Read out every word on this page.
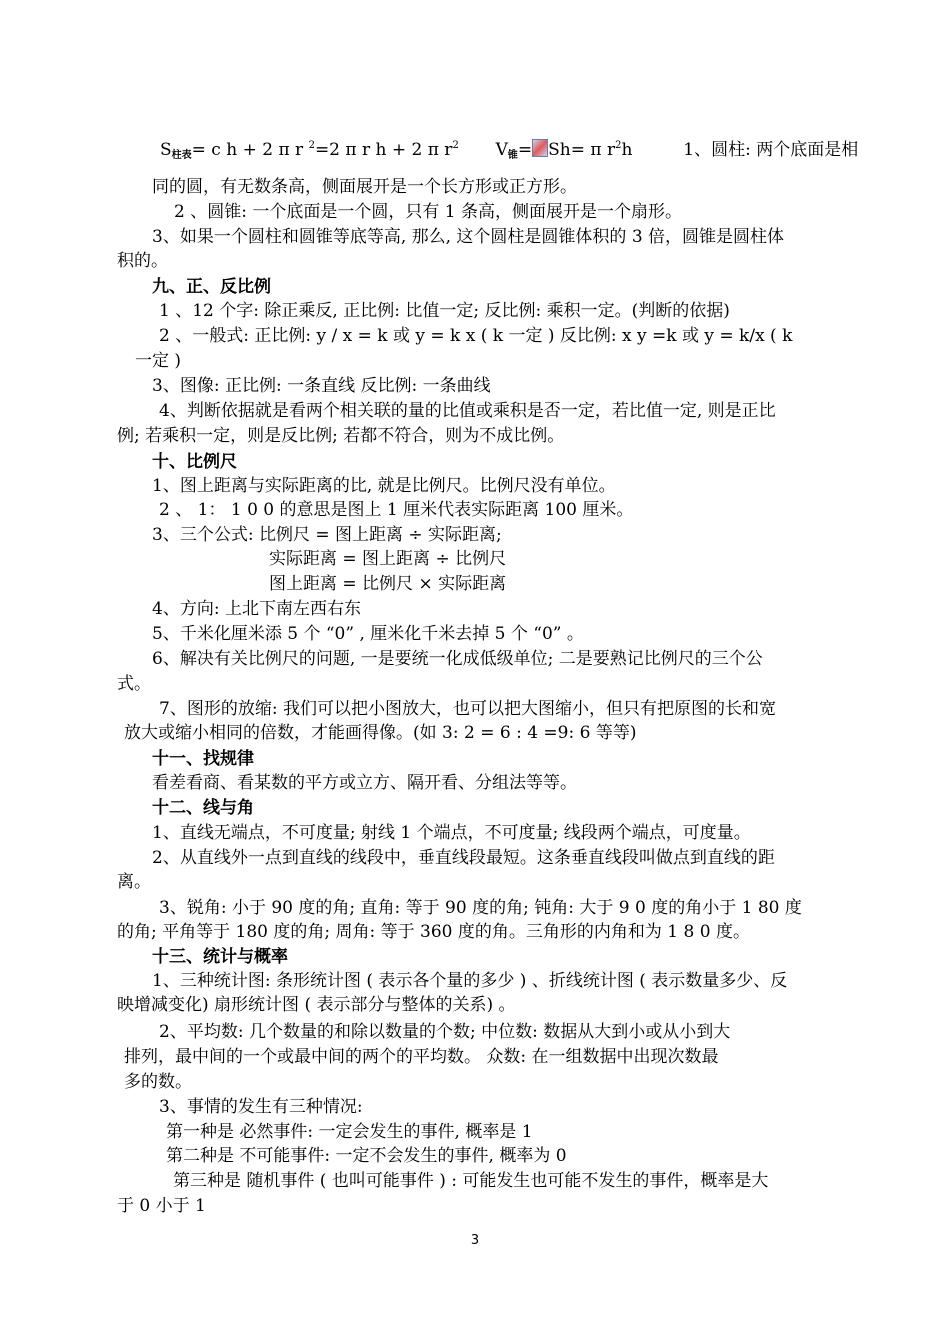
S柱表= c h + 2 π r $^2$=2 π r h + 2 π $r^2$ V锥= Sh= π $r^2h$	1、圆柱: 两个底面是相
同的圆，有无数条高，侧面展开是一个长方形或正方形。
2 、圆锥: 一个底面是一个圆，只有 1 条高，侧面展开是一个扇形。
3、如果一个圆柱和圆锥等底等高, 那么, 这个圆柱是圆锥体积的 3 倍，圆锥是圆柱体
积的。
九、正、反比例
1 、12 个字: 除正乘反, 正比例: 比值一定; 反比例: 乘积一定。(判断的依据)
2 、一般式: 正比例: y / x = k 或 y = k x ( k 一定 ) 反比例: x y =k 或 y = k/x ( k
一定 )
3、图像: 正比例: 一条直线 反比例: 一条曲线
4、判断依据就是看两个相关联的量的比值或乘积是否一定，若比值一定, 则是正比
例; 若乘积一定，则是反比例; 若都不符合，则为不成比例。
十、比例尺
1、图上距离与实际距离的比, 就是比例尺。比例尺没有单位。
2 、 1： 1 0 0 的意思是图上 1 厘米代表实际距离 100 厘米。
3、三个公式: 比例尺 = 图上距离 ÷ 实际距离;
实际距离 = 图上距离 ÷ 比例尺
图上距离 = 比例尺 × 实际距离
4、方向: 上北下南左西右东
5、千米化厘米添 5 个 “0” , 厘米化千米去掉 5 个 “0” 。
6、解决有关比例尺的问题, 一是要统一化成低级单位; 二是要熟记比例尺的三个公
式。
7、图形的放缩: 我们可以把小图放大，也可以把大图缩小，但只有把原图的长和宽
放大或缩小相同的倍数，才能画得像。(如 3: 2 = 6 : 4 =9: 6 等等)
十一、找规律
看差看商、看某数的平方或立方、隔开看、分组法等等。
十二、线与角
1、直线无端点，不可度量; 射线 1 个端点，不可度量; 线段两个端点，可度量。
2、从直线外一点到直线的线段中，垂直线段最短。这条垂直线段叫做点到直线的距
离。
3、锐角: 小于 90 度的角; 直角: 等于 90 度的角; 钝角: 大于 9 0 度的角小于 1 80 度
的角; 平角等于 180 度的角; 周角: 等于 360 度的角。三角形的内角和为 1 8 0 度。
十三、统计与概率
1、三种统计图: 条形统计图 ( 表示各个量的多少 ) 、折线统计图 ( 表示数量多少、反
映增减变化) 扇形统计图 ( 表示部分与整体的关系) 。
2、平均数: 几个数量的和除以数量的个数; 中位数: 数据从大到小或从小到大
排列，最中间的一个或最中间的两个的平均数。 众数: 在一组数据中出现次数最
多的数。
3、事情的发生有三种情况:
第一种是 必然事件: 一定会发生的事件, 概率是 1
第二种是 不可能事件: 一定不会发生的事件, 概率为 0
第三种是 随机事件 ( 也叫可能事件 ) : 可能发生也可能不发生的事件，概率是大
于 0 小于 1
3
